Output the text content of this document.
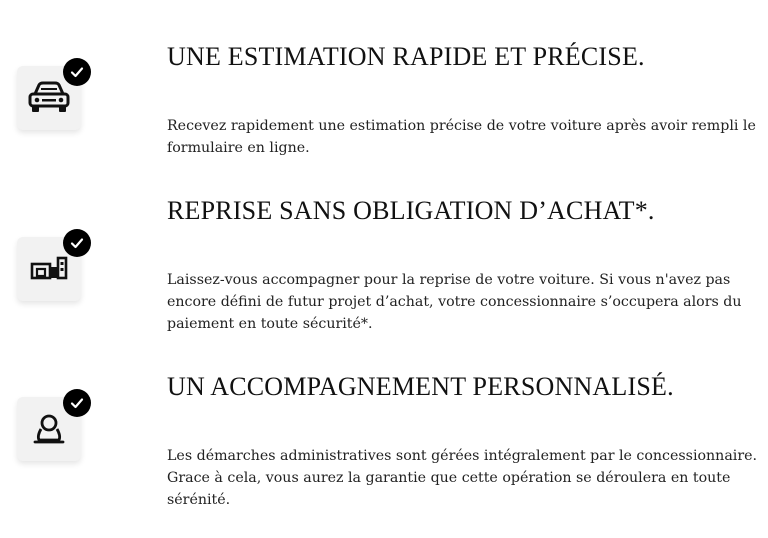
UNE ESTIMATION RAPIDE ET PRÉCISE.

Recevez rapidement une estimation précise de votre voiture après avoir rempli le formulaire en ligne.

REPRISE SANS OBLIGATION D’ACHAT*.

Laissez-vous accompagner pour la reprise de votre voiture. Si vous n'avez pas encore défini de futur projet d’achat, votre concessionnaire s’occupera alors du paiement en toute sécurité*.

UN ACCOMPAGNEMENT PERSONNALISÉ.

Les démarches administratives sont gérées intégralement par le concessionnaire. Grace à cela, vous aurez la garantie que cette opération se déroulera en toute sérénité.
